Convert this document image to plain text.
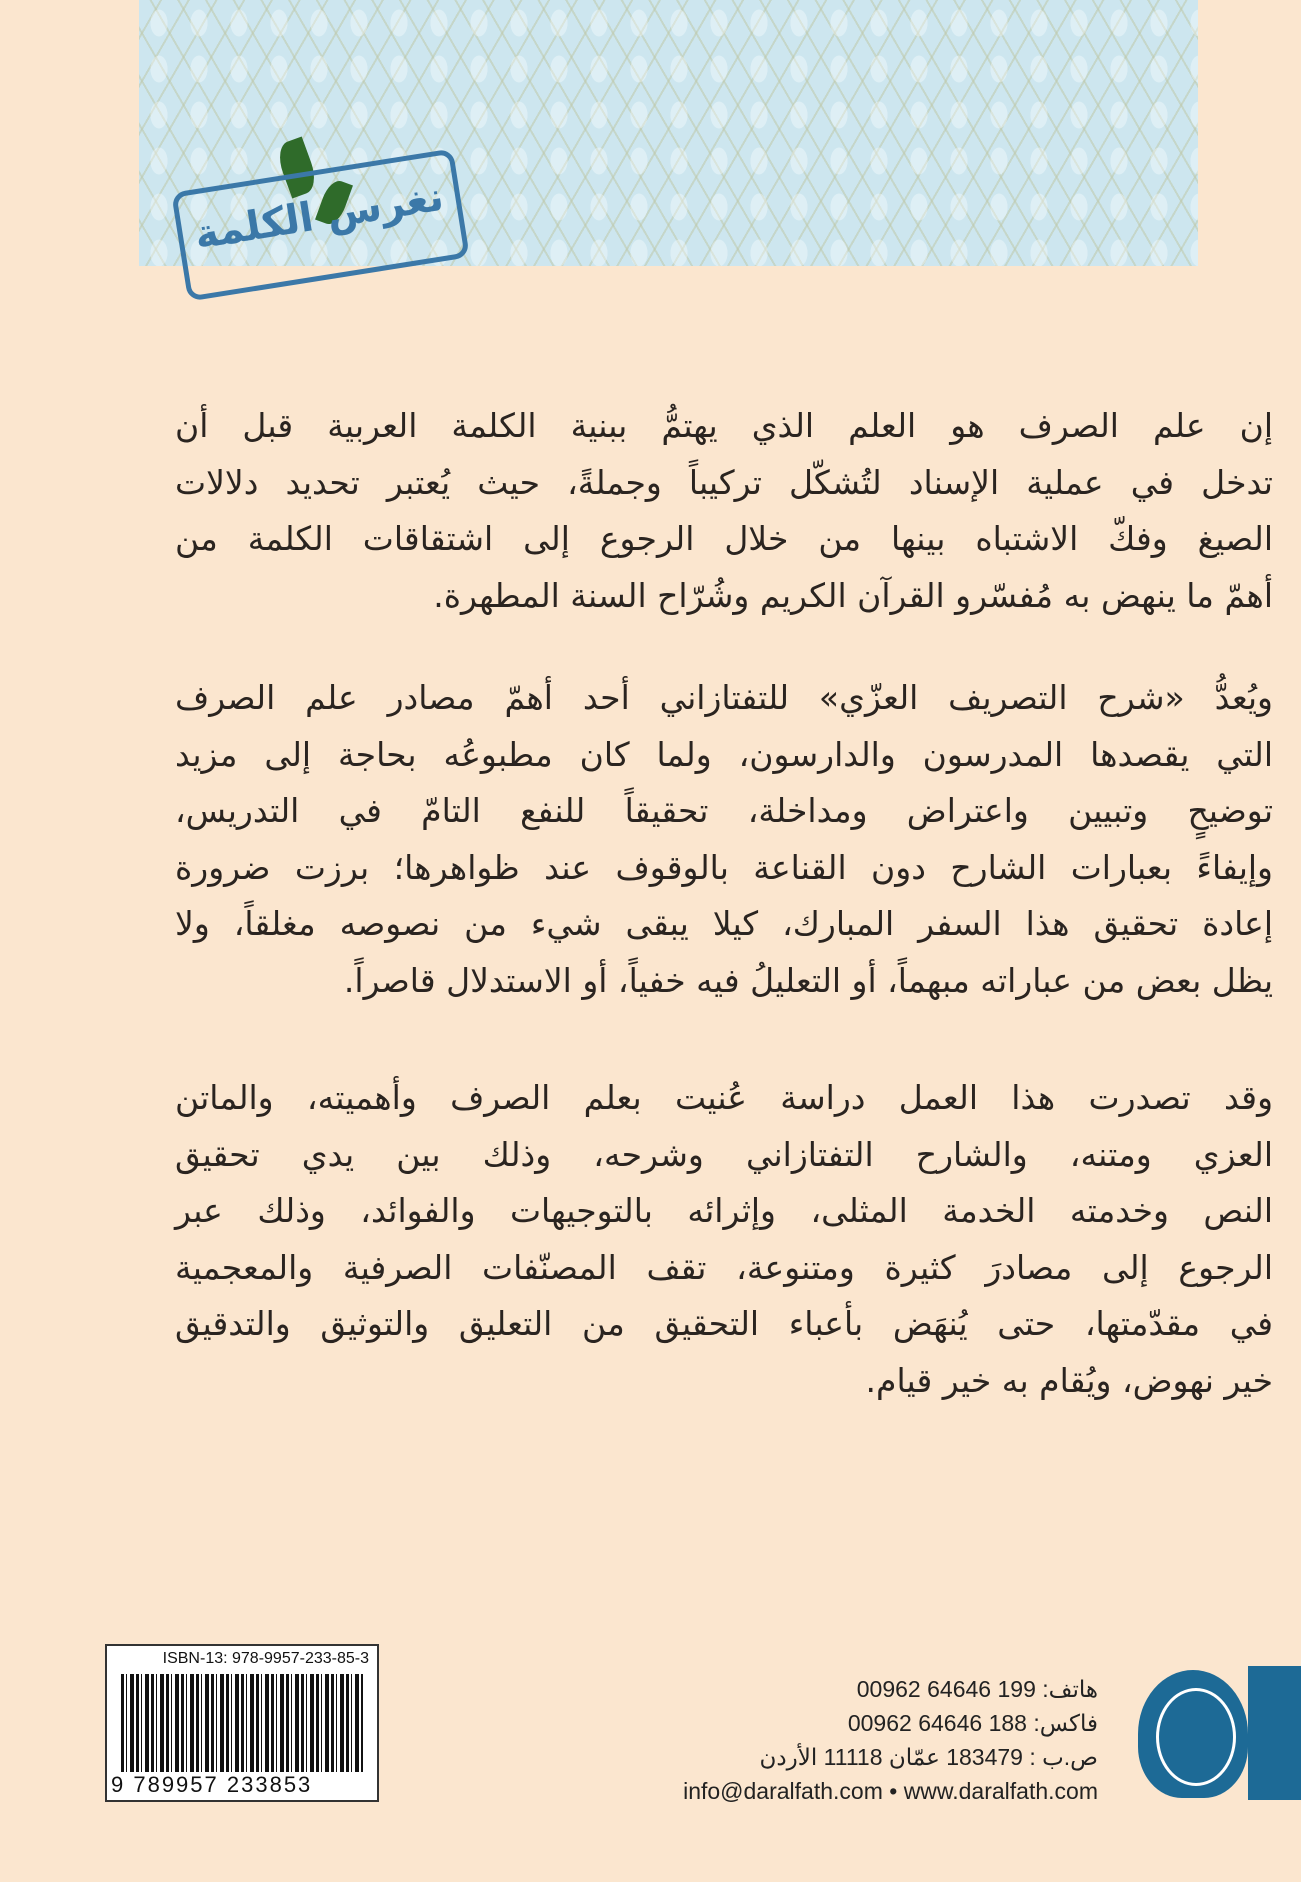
نغرس الكلمة
إن علم الصرف هو العلم الذي يهتمُّ ببنية الكلمة العربية قبل أن
تدخل في عملية الإسناد لتُشكّل تركيباً وجملةً، حيث يُعتبر تحديد دلالات
الصيغ وفكّ الاشتباه بينها من خلال الرجوع إلى اشتقاقات الكلمة من
أهمّ ما ينهض به مُفسّرو القرآن الكريم وشُرّاح السنة المطهرة.
ويُعدُّ «شرح التصريف العزّي» للتفتازاني أحد أهمّ مصادر علم الصرف
التي يقصدها المدرسون والدارسون، ولما كان مطبوعُه بحاجة إلى مزيد
توضيحٍ وتبيين واعتراض ومداخلة، تحقيقاً للنفع التامّ في التدريس،
وإيفاءً بعبارات الشارح دون القناعة بالوقوف عند ظواهرها؛ برزت ضرورة
إعادة تحقيق هذا السفر المبارك، كيلا يبقى شيء من نصوصه مغلقاً، ولا
يظل بعض من عباراته مبهماً، أو التعليلُ فيه خفياً، أو الاستدلال قاصراً.
وقد تصدرت هذا العمل دراسة عُنيت بعلم الصرف وأهميته، والماتن
العزي ومتنه، والشارح التفتازاني وشرحه، وذلك بين يدي تحقيق
النص وخدمته الخدمة المثلى، وإثرائه بالتوجيهات والفوائد، وذلك عبر
الرجوع إلى مصادرَ كثيرة ومتنوعة، تقف المصنّفات الصرفية والمعجمية
في مقدّمتها، حتى يُنهَض بأعباء التحقيق من التعليق والتوثيق والتدقيق
خير نهوض، ويُقام به خير قيام.
ISBN-13: 978-9957-233-85-3
9 789957 233853
هاتف: 199 64646 00962
فاكس: 188 64646 00962
ص.ب : 183479 عمّان 11118 الأردن
info@daralfath.com • www.daralfath.com
